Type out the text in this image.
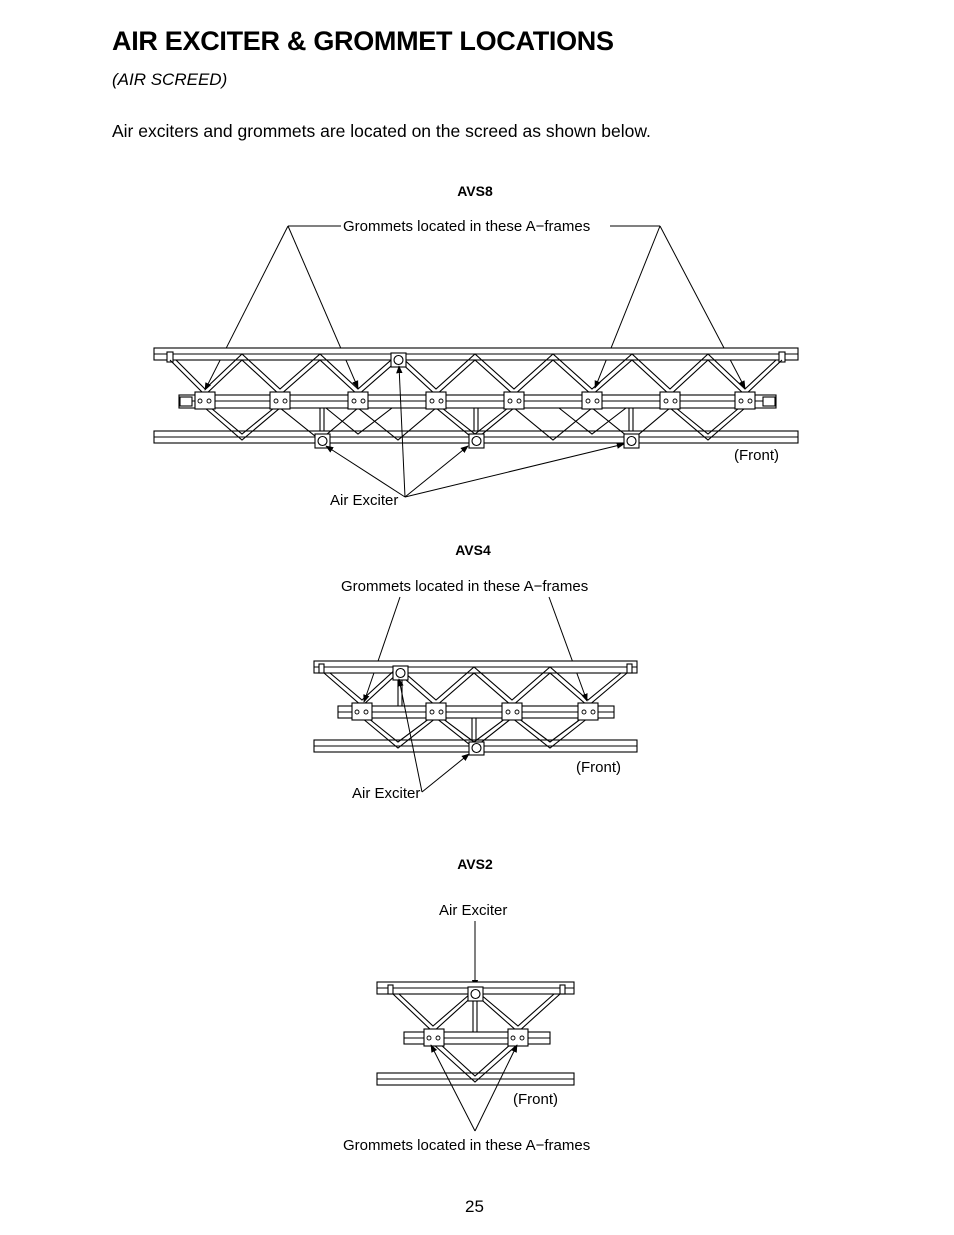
AIR EXCITER & GROMMET LOCATIONS
(AIR SCREED)
Air exciters and grommets are located on the screed as shown below.
AVS8
Grommets located in these A−frames
(Front)
Air Exciter
AVS4
Grommets located in these A−frames
(Front)
Air Exciter
AVS2
Air Exciter
(Front)
Grommets located in these A−frames
25
